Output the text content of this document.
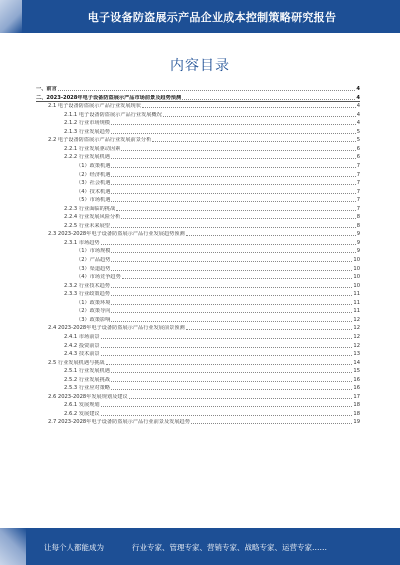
电子设备防盗展示产品企业成本控制策略研究报告
内容目录
一、前言	4
二、2023-2028年电子设备防盗展示产品市场前景及趋势预测	4
2.1 电子设备防盗展示产品行业发展现状	4
2.1.1 电子设备防盗展示产品行业发展概况	4
2.1.2 行业市场规模	4
2.1.3 行业发展趋势	5
2.2 电子设备防盗展示产品行业发展前景分析	5
2.2.1 行业发展驱动因素	6
2.2.2 行业发展机遇	6
（1）政策机遇	7
（2）经济机遇	7
（3）社会机遇	7
（4）技术机遇	7
（5）市场机遇	7
2.2.3 行业面临的挑战	7
2.2.4 行业发展风险分析	8
2.2.5 行业未来展望	8
2.3 2023-2028年电子设备防盗展示产品行业发展趋势预测	9
2.3.1 市场趋势	9
（1）市场规模	9
（2）产品趋势	10
（3）渠道趋势	10
（4）市场竞争趋势	10
2.3.2 行业技术趋势	10
2.3.3 行业政策趋势	11
（1）政策环境	11
（2）政策导向	11
（3）政策影响	12
2.4 2023-2028年电子设备防盗展示产品行业发展前景预测	12
2.4.1 市场前景	12
2.4.2 投资前景	12
2.4.3 技术前景	13
2.5 行业发展机遇与挑战	14
2.5.1 行业发展机遇	15
2.5.2 行业发展挑战	16
2.5.3 行业应对策略	16
2.6 2023-2028年发展规划及建议	17
2.6.1 发展规划	18
2.6.2 发展建议	18
2.7 2023-2028年电子设备防盗展示产品行业前景及发展趋势	19
让每个人都能成为	行业专家、管理专家、营销专家、战略专家、运营专家……
